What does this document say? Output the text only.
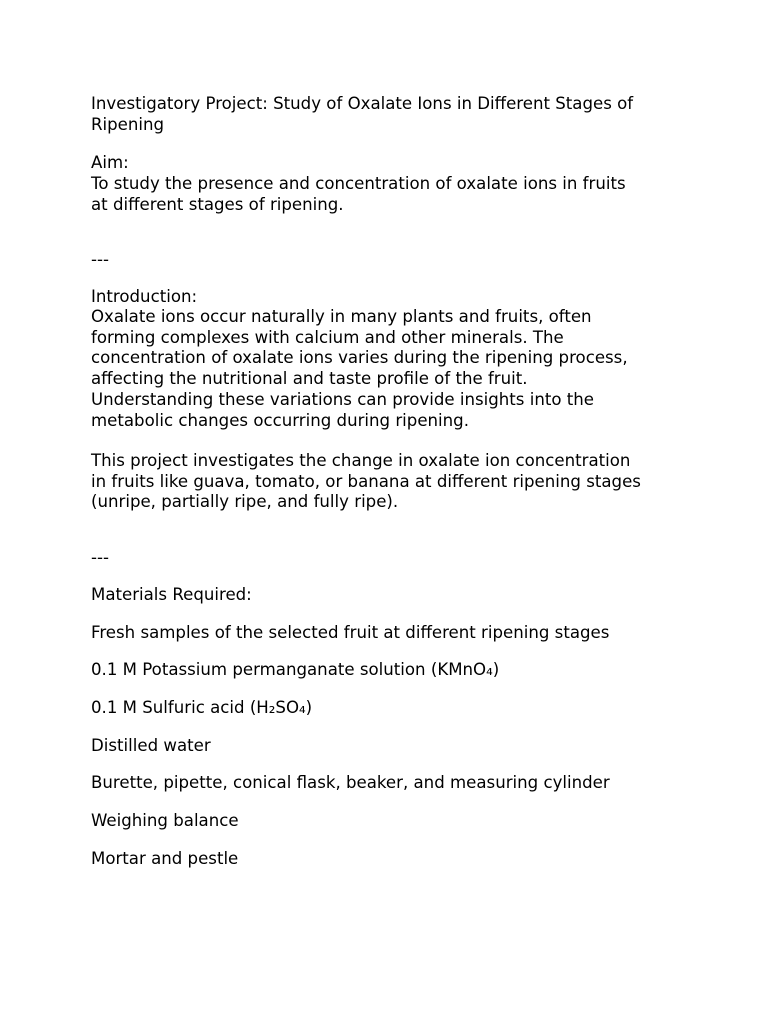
Investigatory Project: Study of Oxalate Ions in Different Stages of
Ripening

Aim:

To study the presence and concentration of oxalate ions in fruits
at different stages of ripening.

---

Introduction:

Oxalate ions occur naturally in many plants and fruits, often
forming complexes with calcium and other minerals. The
concentration of oxalate ions varies during the ripening process,
affecting the nutritional and taste profile of the fruit.
Understanding these variations can provide insights into the
metabolic changes occurring during ripening.

This project investigates the change in oxalate ion concentration
in fruits like guava, tomato, or banana at different ripening stages
(unripe, partially ripe, and fully ripe).

---

Materials Required:

Fresh samples of the selected fruit at different ripening stages

0.1 M Potassium permanganate solution (KMnO₄)

0.1 M Sulfuric acid (H₂SO₄)

Distilled water

Burette, pipette, conical flask, beaker, and measuring cylinder

Weighing balance

Mortar and pestle
